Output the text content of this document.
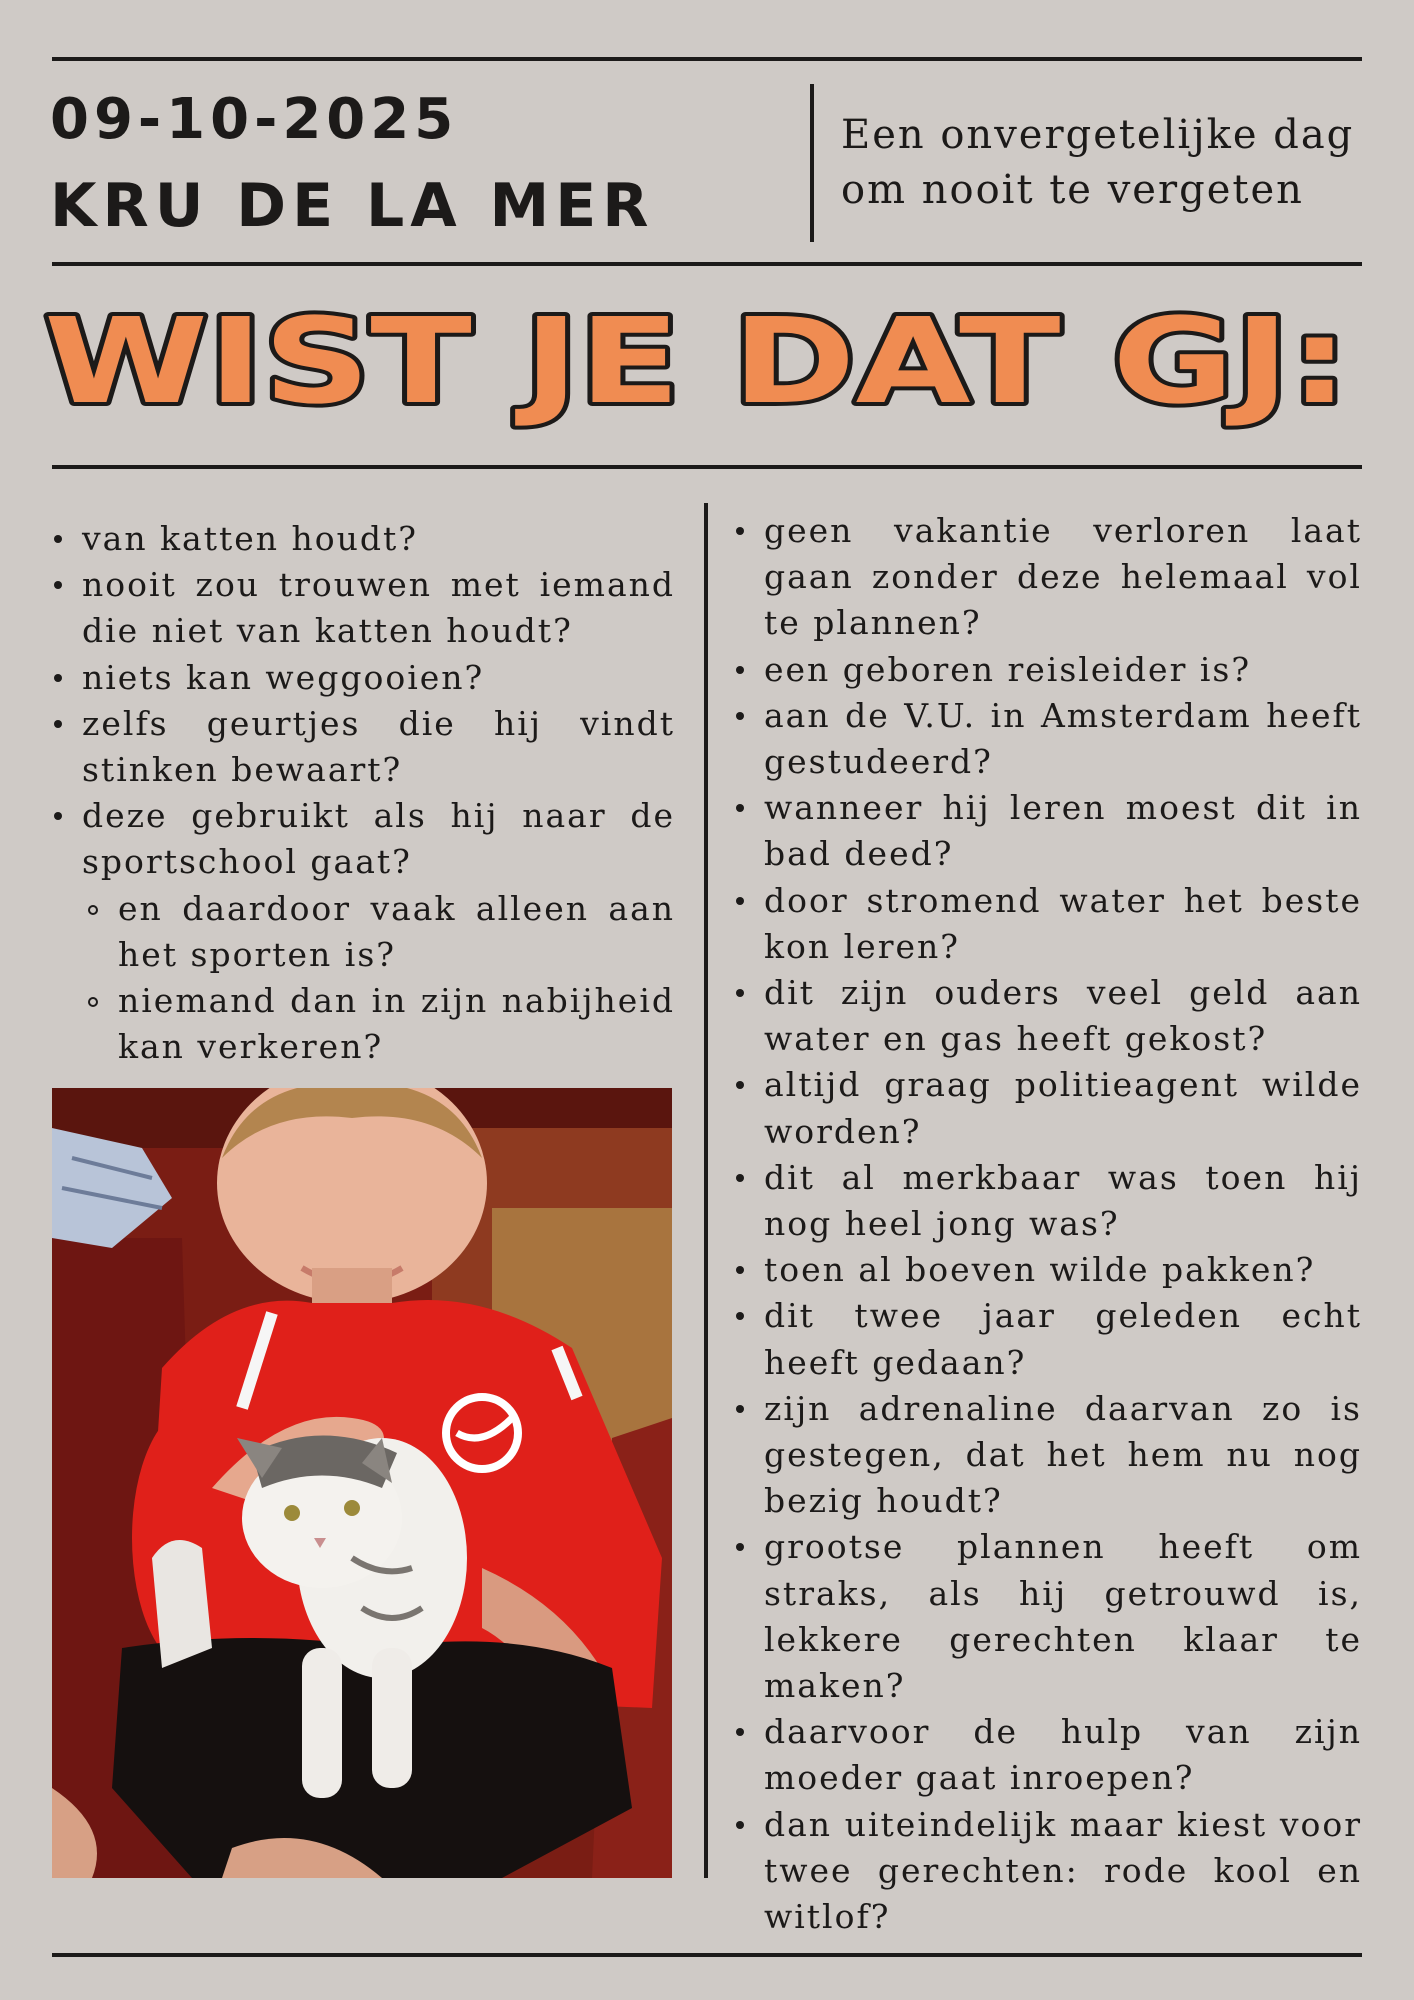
09-10-2025

KRU DE LA MER

Een onvergetelijke dag om nooit te vergeten

WIST JE DAT GJ:
van katten houdt?
nooit zou trouwen met iemand die niet van katten houdt?
niets kan weggooien?
zelfs geurtjes die hij vindt stinken bewaart?
deze gebruikt als hij naar de sportschool gaat?
en daardoor vaak alleen aan het sporten is?
niemand dan in zijn nabijheid kan verkeren?
geen vakantie verloren laat gaan zonder deze helemaal vol te plannen?
een geboren reisleider is?
aan de V.U. in Amsterdam heeft gestudeerd?
wanneer hij leren moest dit in bad deed?
door stromend water het beste kon leren?
dit zijn ouders veel geld aan water en gas heeft gekost?
altijd graag politieagent wilde worden?
dit al merkbaar was toen hij nog heel jong was?
toen al boeven wilde pakken?
dit twee jaar geleden echt heeft gedaan?
zijn adrenaline daarvan zo is gestegen, dat het hem nu nog bezig houdt?
grootse plannen heeft om straks, als hij getrouwd is, lekkere gerechten klaar te maken?
daarvoor de hulp van zijn moeder gaat inroepen?
dan uiteindelijk maar kiest voor twee gerechten: rode kool en witlof?
